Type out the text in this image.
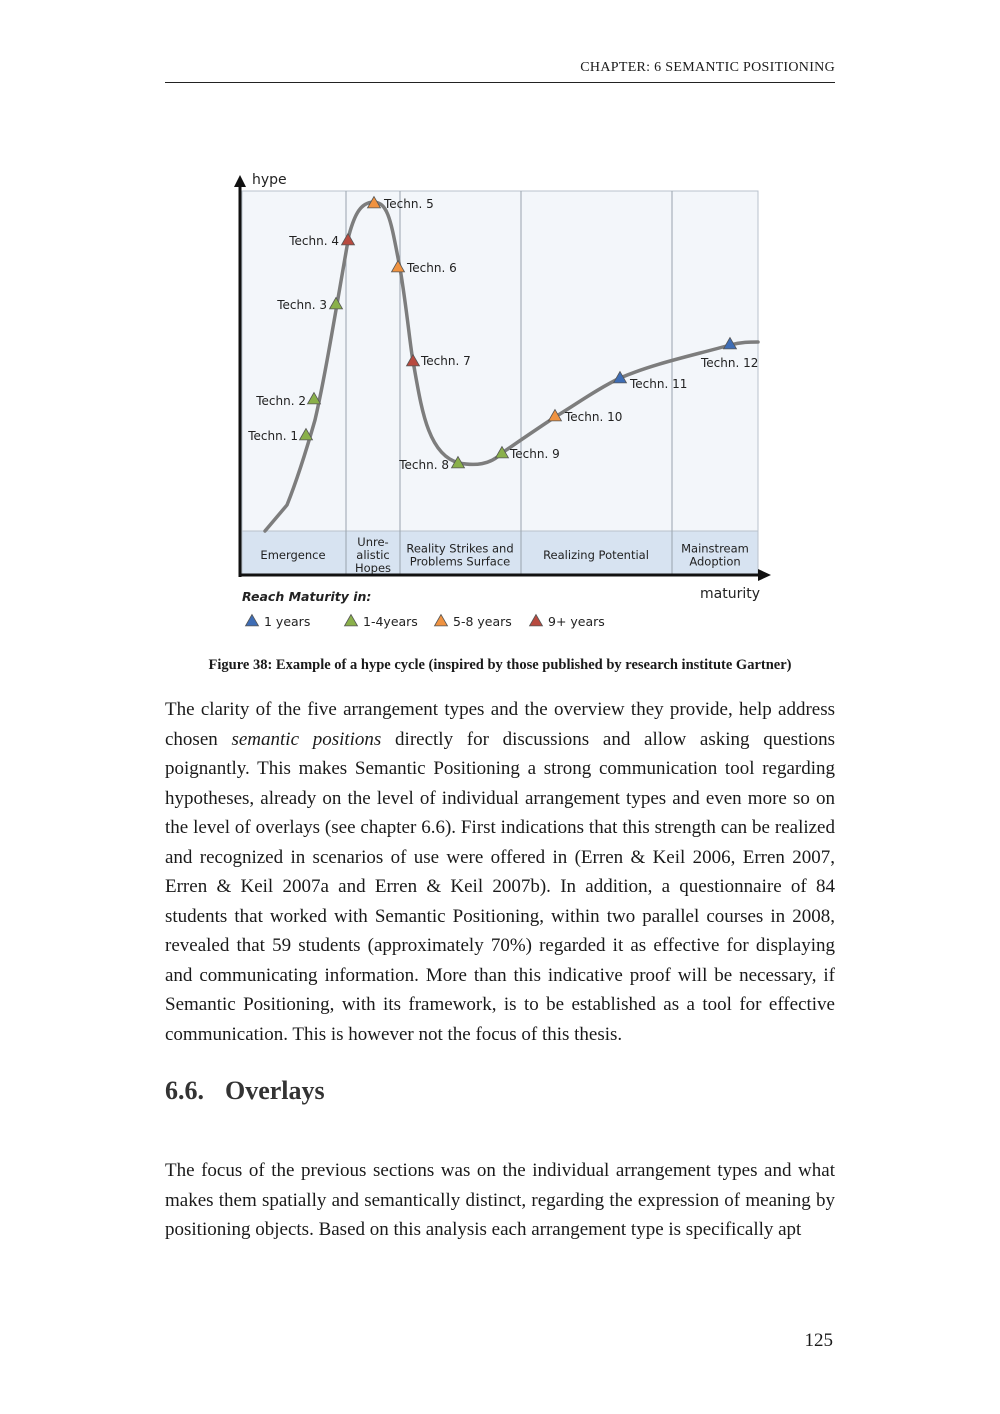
CHAPTER: 6 SEMANTIC POSITIONING
Emergence
Unre-
alistic
Hopes
Reality Strikes and
Problems Surface	Realizing Potential	Mainstream
Adoption
hype
maturity
Techn. 1
Techn. 2
Techn. 3
Techn. 4
Techn. 5
Techn. 6
Techn. 7
Techn. 8
Techn. 9
Techn. 10
Techn. 11
Techn. 12
Reach Maturity in:
1 years	1-4years	5-8 years	9+ years
Figure 38: Example of a hype cycle (inspired by those published by research institute Gartner)

The clarity of the five arrangement types and the overview they provide, help address chosen semantic positions directly for discussions and allow asking questions poignantly. This makes Semantic Positioning a strong communication tool regarding hypotheses, already on the level of individual arrangement types and even more so on the level of overlays (see chapter 6.6). First indications that this strength can be realized and recognized in scenarios of use were offered in (Erren & Keil 2006, Erren 2007, Erren & Keil 2007a and Erren & Keil 2007b). In addition, a questionnaire of 84 students that worked with Semantic Positioning, within two parallel courses in 2008, revealed that 59 students (approximately 70%) regarded it as effective for displaying and communicating information. More than this indicative proof will be necessary, if Semantic Positioning, with its framework, is to be established as a tool for effective communication. This is however not the focus of this thesis.

6.6. Overlays

The focus of the previous sections was on the individual arrangement types and what makes them spatially and semantically distinct, regarding the expression of meaning by positioning objects. Based on this analysis each arrangement type is specifically apt

125
